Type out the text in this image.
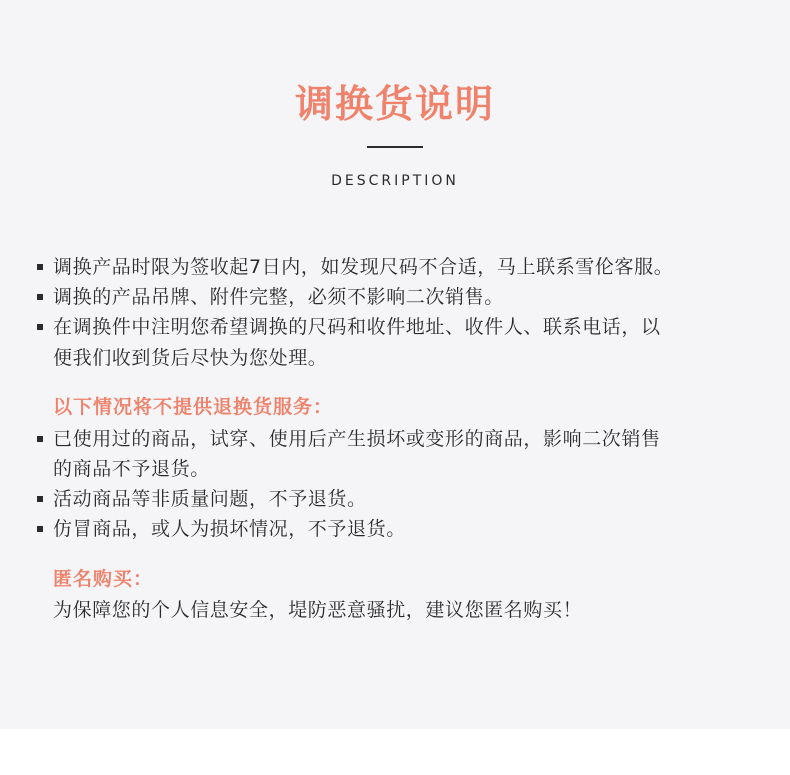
调换货说明
DESCRIPTION
调换产品时限为签收起7日内，如发现尺码不合适，马上联系雪伦客服。
调换的产品吊牌、附件完整，必须不影响二次销售。
在调换件中注明您希望调换的尺码和收件地址、收件人、联系电话，以
便我们收到货后尽快为您处理。
以下情况将不提供退换货服务：
已使用过的商品，试穿、使用后产生损坏或变形的商品，影响二次销售
的商品不予退货。
活动商品等非质量问题，不予退货。
仿冒商品，或人为损坏情况，不予退货。
匿名购买：
为保障您的个人信息安全，堤防恶意骚扰，建议您匿名购买！
